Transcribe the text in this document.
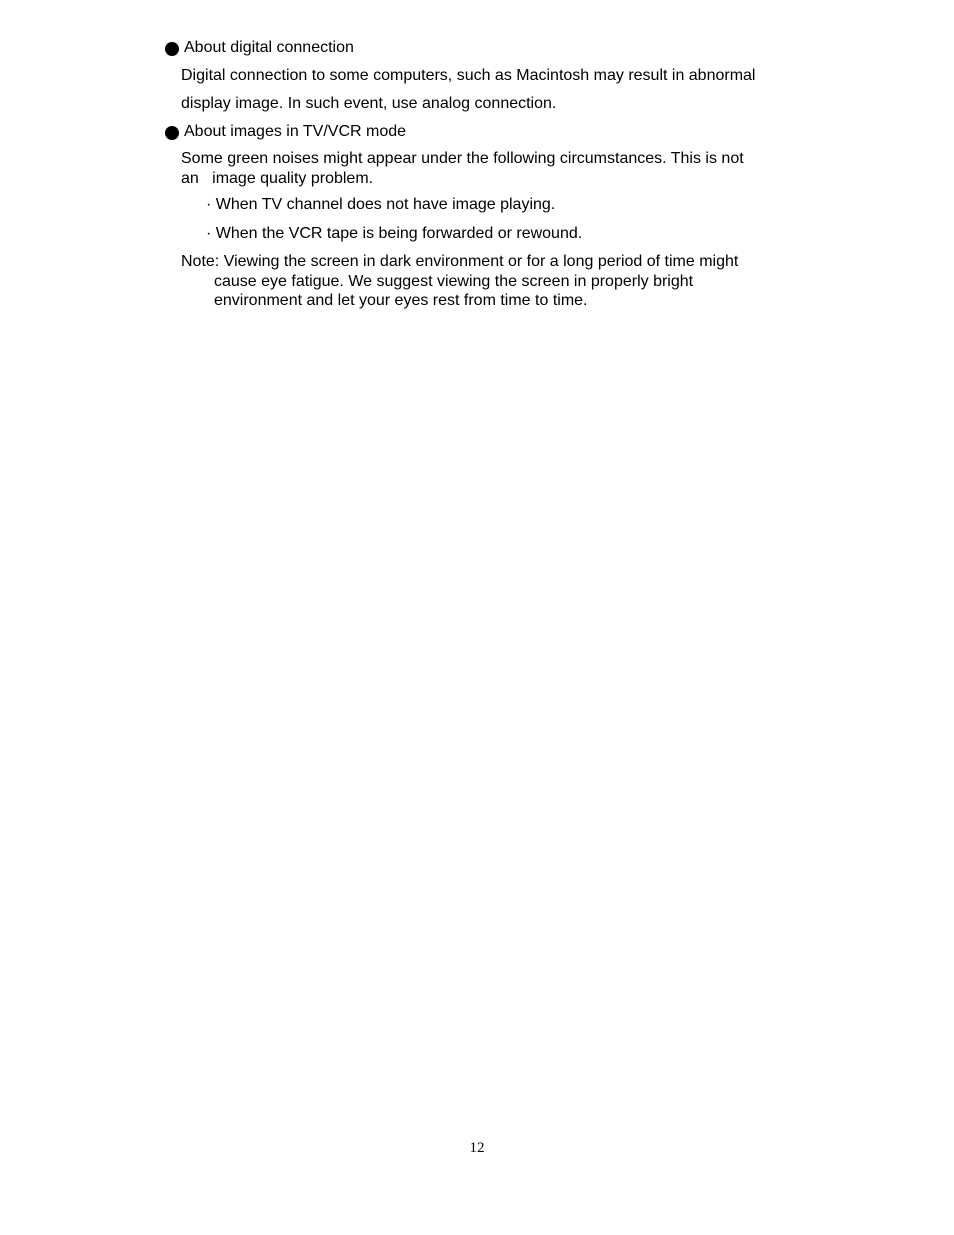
About digital connection
Digital connection to some computers, such as Macintosh may result in abnormal
display image. In such event, use analog connection.
About images in TV/VCR mode
Some green noises might appear under the following circumstances. This is not
an   image quality problem.
· When TV channel does not have image playing.
· When the VCR tape is being forwarded or rewound.
Note: Viewing the screen in dark environment or for a long period of time might
cause eye fatigue. We suggest viewing the screen in properly bright
environment and let your eyes rest from time to time.
12
